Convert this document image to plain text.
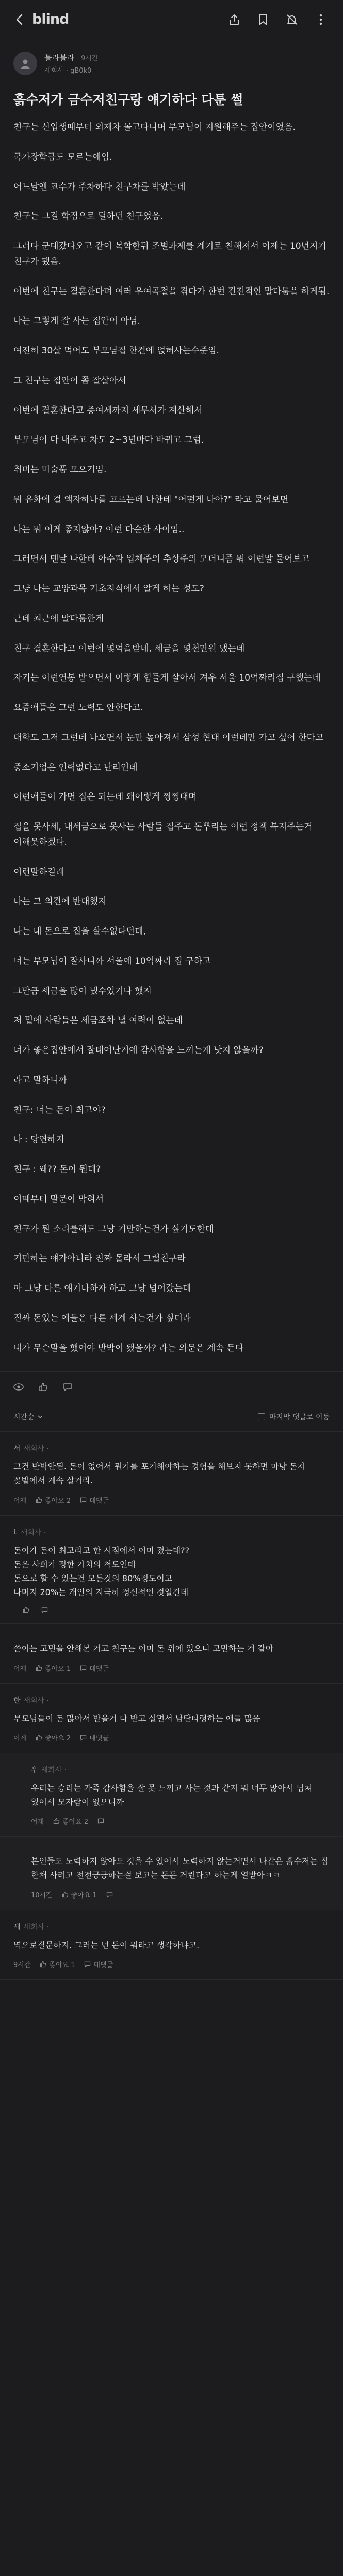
blind
블라블라 9시간
새회사 · gB0k0
흙수저가 금수저친구랑 얘기하다 다툰 썰

친구는 신입생때부터 외제차 몰고다니며 부모님이 지원해주는 집안이였음.

국가장학금도 모르는애임.

어느날엔 교수가 주차하다 친구차를 박았는데

친구는 그걸 학점으로 딜하던 친구였음.

그러다 군대갔다오고 같이 복학한뒤 조별과제를 계기로 친해져서 이제는 10년지기 친구가 됐음.

이번에 친구는 결혼한다며 여러 우여곡절을 겪다가 한번 건전적인 말다툼을 하게됨.

나는 그렇게 잘 사는 집안이 아님.

여전히 30살 먹어도 부모님집 한켠에 얹혀사는수준임.

그 친구는 집안이 쫌 잘살아서

이번에 결혼한다고 증여세까지 세무서가 계산해서

부모님이 다 내주고 차도 2~3년마다 바뀌고 그럼.

취미는 미술품 모으기임.

뭐 유화에 걸 액자하나를 고르는데 나한테 "어떤게 나아?" 라고 물어보면

나는 뭐 이게 좋지않아? 이런 다순한 사이임..

그러면서 맨날 나한테 아수파 입체주의 추상주의 모더니즘 뭐 이런말 물어보고

그냥 나는 교양과목 기초지식에서 알게 하는 정도?

근데 최근에 말다툼한게

친구 결혼한다고 이번에 몇억을받네, 세금을 몇천만원 냈는데

자기는 이런연봉 받으면서 이렇게 힘들게 살아서 겨우 서울 10억짜리집 구했는데

요즘애들은 그런 노력도 안한다고.

대학도 그저 그런데 나오면서 눈만 높아져서 삼성 현대 이런데만 가고 싶어 한다고

중소기업은 인력없다고 난리인데

이런애들이 가면 집은 되는데 왜이렇게 찡찡대며

집을 못사세, 내세금으로 못사는 사람들 집주고 돈뿌리는 이런 정책 복지주는거 이해못하겠다.

이런말하길래

나는 그 의견에 반대했지

나는 내 돈으로 집을 살수없다던데,

너는 부모님이 잘사니까 서울에 10억짜리 집 구하고

그만큼 세금을 많이 냈수있기나 했지

저 밑에 사람들은 세금조차 낼 여력이 없는데

너가 좋은집안에서 잘태어난거에 감사함을 느끼는게 낫지 않을까?

라고 말하니까

친구: 너는 돈이 최고야?

나 : 당연하지

친구 : 왜?? 돈이 뭔데?

이때부터 말문이 막혀서

친구가 뭔 소리를해도 그냥 기만하는건가 싶기도한데

기만하는 얘가아니라 진짜 몰라서 그럴친구라

아 그냥 다른 얘기나하자 하고 그냥 넘어갔는데

진짜 돈있는 애들은 다른 세계 사는건가 싶더라

내가 무슨말을 했어야 반박이 됐을까? 라는 의문은 계속 든다

시간순	마지막 댓글로 이동
서 새회사 ·
그건 반박안됨. 돈이 없어서 뭔가를 포기해야하는 경험을 해보지 못하면 마냥 돈자 꽃밭에서 계속 살거라.
어제	좋아요 2	대댓글
L 새회사 ·
돈이가 돈이 최고라고 한 시점에서 이미 졌는데??
돈은 사회가 정한 가치의 척도인데
돈으로 할 수 있는건 모든것의 80%정도이고
나머지 20%는 개인의 지극히 정신적인 것일건데
쓴이는 고민을 안해본 거고 친구는 이미 돈 위에 있으니 고민하는 거 같아
어제	좋아요 1	대댓글
한 새회사 ·
부모님들이 돈 많아서 받을거 다 받고 살면서 남탄타령하는 애들 많음
어제	좋아요 2	대댓글
우 새회사 ·
우리는 승리는 가족 감사함을 잘 못 느끼고 사는 것과 같지 뭐 너무 많아서 넘쳐 있어서 모자람이 없으니까
어제	좋아요 2
본인들도 노력하지 않아도 깃을 수 있어서 노력하지 않는거면서 나같은 흙수저는 집 한채 사려고 전전긍긍하는걸 보고는 돈돈 거린다고 하는게 열받아ㅋㅋ
10시간	좋아요 1
세 새회사 ·
역으로질문하지. 그러는 넌 돈이 뭐라고 생각하냐고.
9시간	좋아요 1	대댓글
